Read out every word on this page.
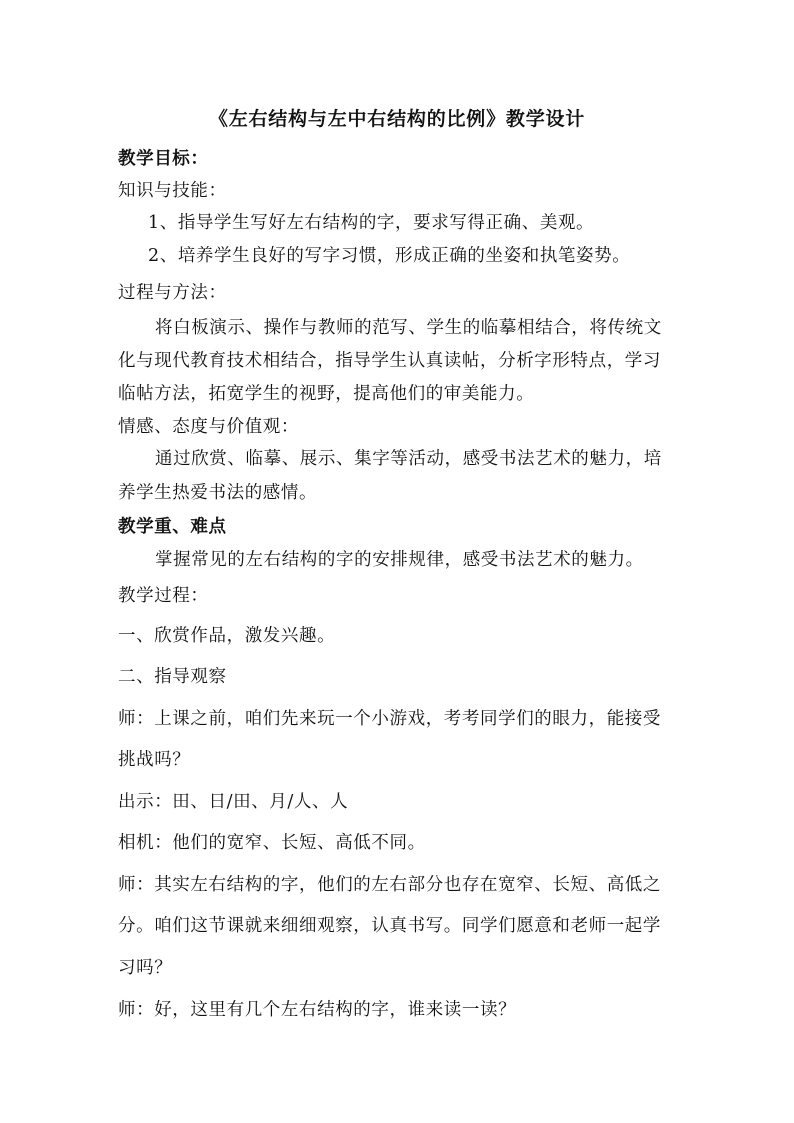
《左右结构与左中右结构的比例》教学设计
教学目标：
知识与技能：
1、指导学生写好左右结构的字，要求写得正确、美观。
2、培养学生良好的写字习惯，形成正确的坐姿和执笔姿势。
过程与方法：
将白板演示、操作与教师的范写、学生的临摹相结合，将传统文
化与现代教育技术相结合，指导学生认真读帖，分析字形特点，学习
临帖方法，拓宽学生的视野，提高他们的审美能力。
情感、态度与价值观：
通过欣赏、临摹、展示、集字等活动，感受书法艺术的魅力，培
养学生热爱书法的感情。
教学重、难点
掌握常见的左右结构的字的安排规律，感受书法艺术的魅力。
教学过程：
一、欣赏作品，激发兴趣。
二、指导观察
师：上课之前，咱们先来玩一个小游戏，考考同学们的眼力，能接受
挑战吗？
出示：田、日/田、月/人、人
相机：他们的宽窄、长短、高低不同。
师：其实左右结构的字，他们的左右部分也存在宽窄、长短、高低之
分。咱们这节课就来细细观察，认真书写。同学们愿意和老师一起学
习吗？
师：好，这里有几个左右结构的字，谁来读一读？
